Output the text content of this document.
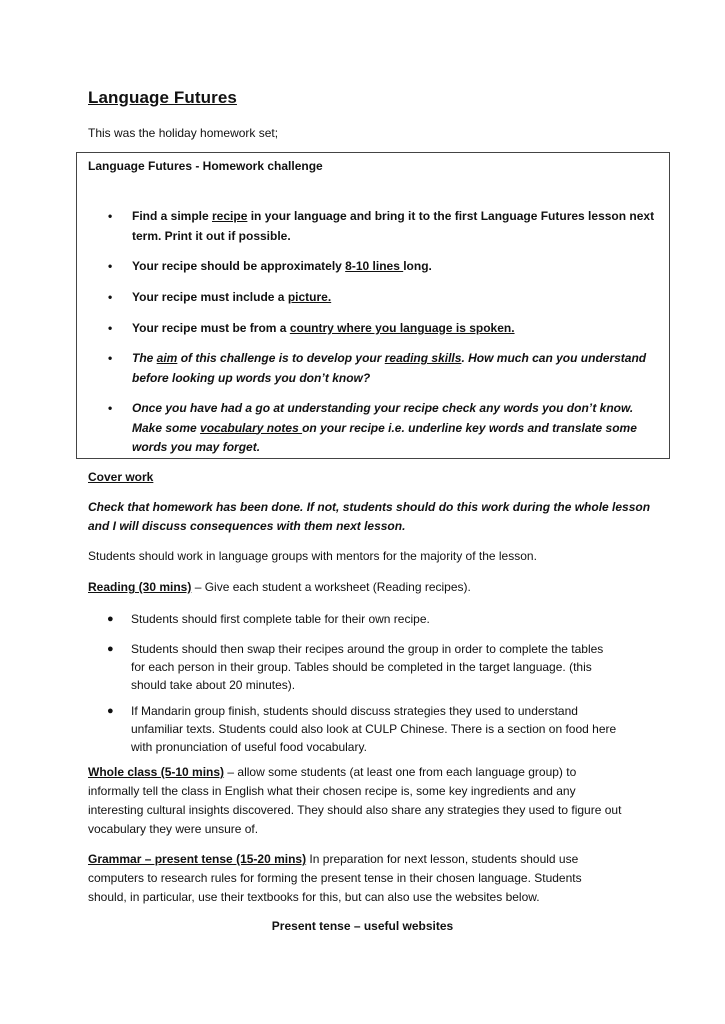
Language Futures
This was the holiday homework set;
Language Futures - Homework challenge
• Find a simple recipe in your language and bring it to the first Language Futures lesson next
term. Print it out if possible.
• Your recipe should be approximately 8-10 lines long.
• Your recipe must include a picture.
• Your recipe must be from a country where you language is spoken.
• The aim of this challenge is to develop your reading skills. How much can you understand
before looking up words you don’t know?
• Once you have had a go at understanding your recipe check any words you don’t know.
Make some vocabulary notes on your recipe i.e. underline key words and translate some
words you may forget.
Cover work
Check that homework has been done. If not, students should do this work during the whole lesson
and I will discuss consequences with them next lesson.
Students should work in language groups with mentors for the majority of the lesson.
Reading (30 mins) – Give each student a worksheet (Reading recipes).
● Students should first complete table for their own recipe.
● Students should then swap their recipes around the group in order to complete the tables
for each person in their group. Tables should be completed in the target language. (this
should take about 20 minutes).
● If Mandarin group finish, students should discuss strategies they used to understand
unfamiliar texts. Students could also look at CULP Chinese. There is a section on food here
with pronunciation of useful food vocabulary.
Whole class (5-10 mins) – allow some students (at least one from each language group) to
informally tell the class in English what their chosen recipe is, some key ingredients and any
interesting cultural insights discovered. They should also share any strategies they used to figure out
vocabulary they were unsure of.
Grammar – present tense (15-20 mins) In preparation for next lesson, students should use
computers to research rules for forming the present tense in their chosen language. Students
should, in particular, use their textbooks for this, but can also use the websites below.
Present tense – useful websites
